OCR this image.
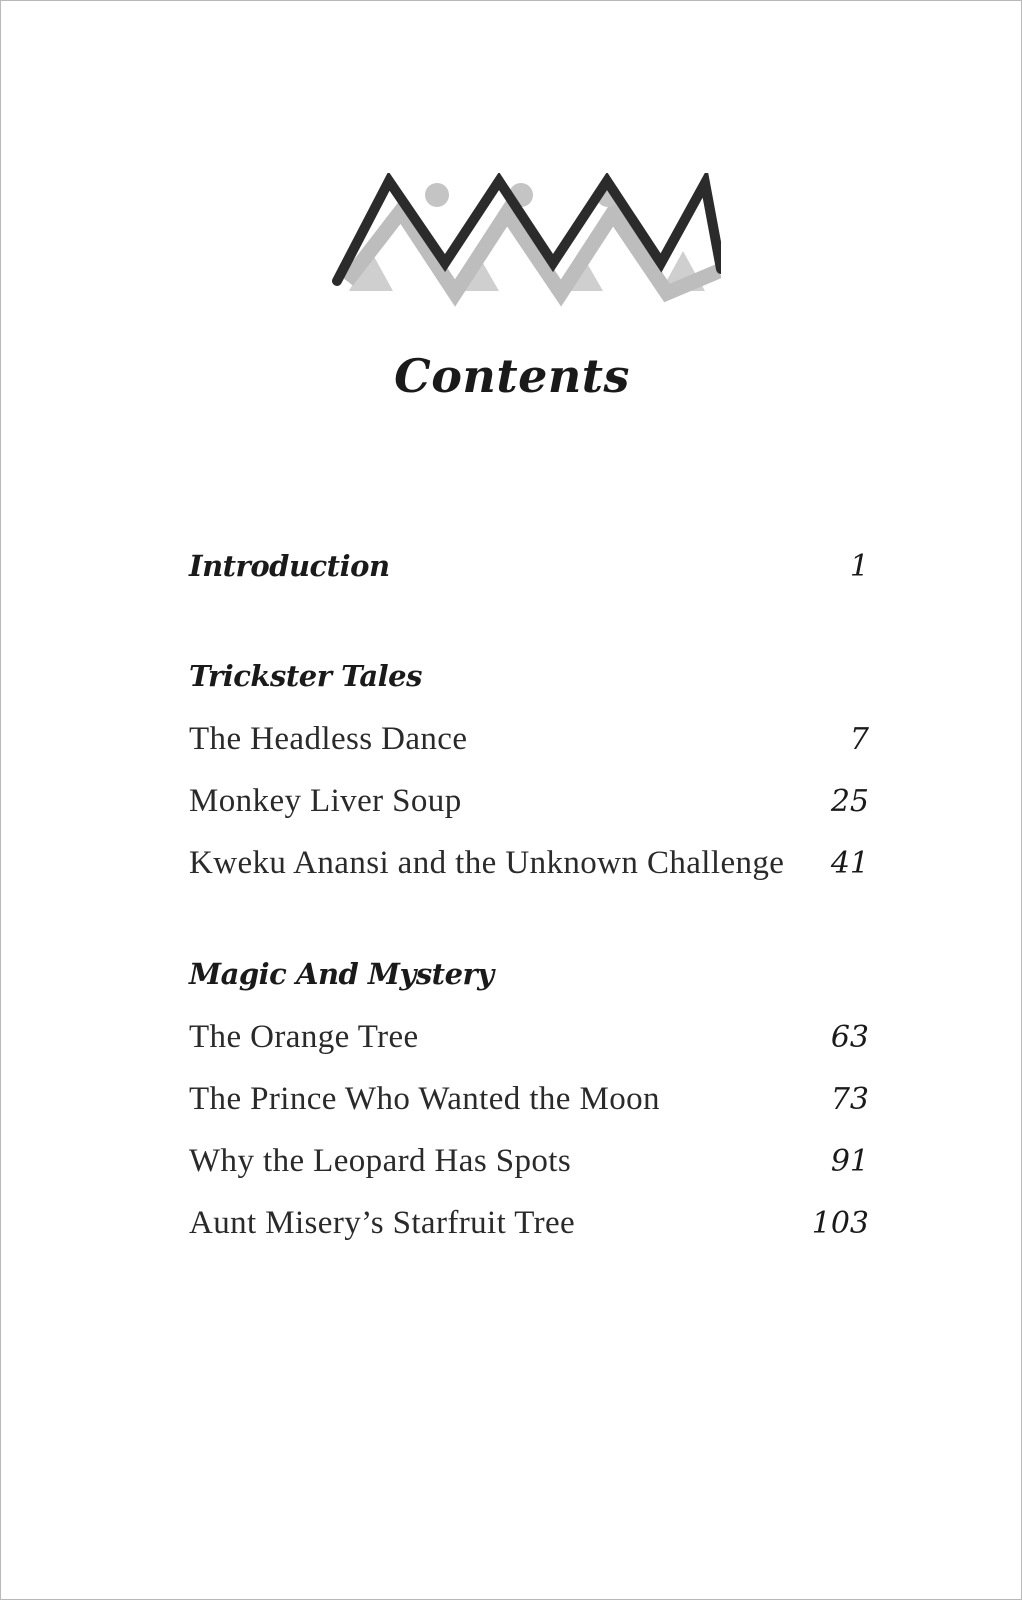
Contents
Introduction	1
Trickster Tales
The Headless Dance	7
Monkey Liver Soup	25
Kweku Anansi and the Unknown Challenge	41
Magic And Mystery
The Orange Tree	63
The Prince Who Wanted the Moon	73
Why the Leopard Has Spots	91
Aunt Misery’s Starfruit Tree	103
